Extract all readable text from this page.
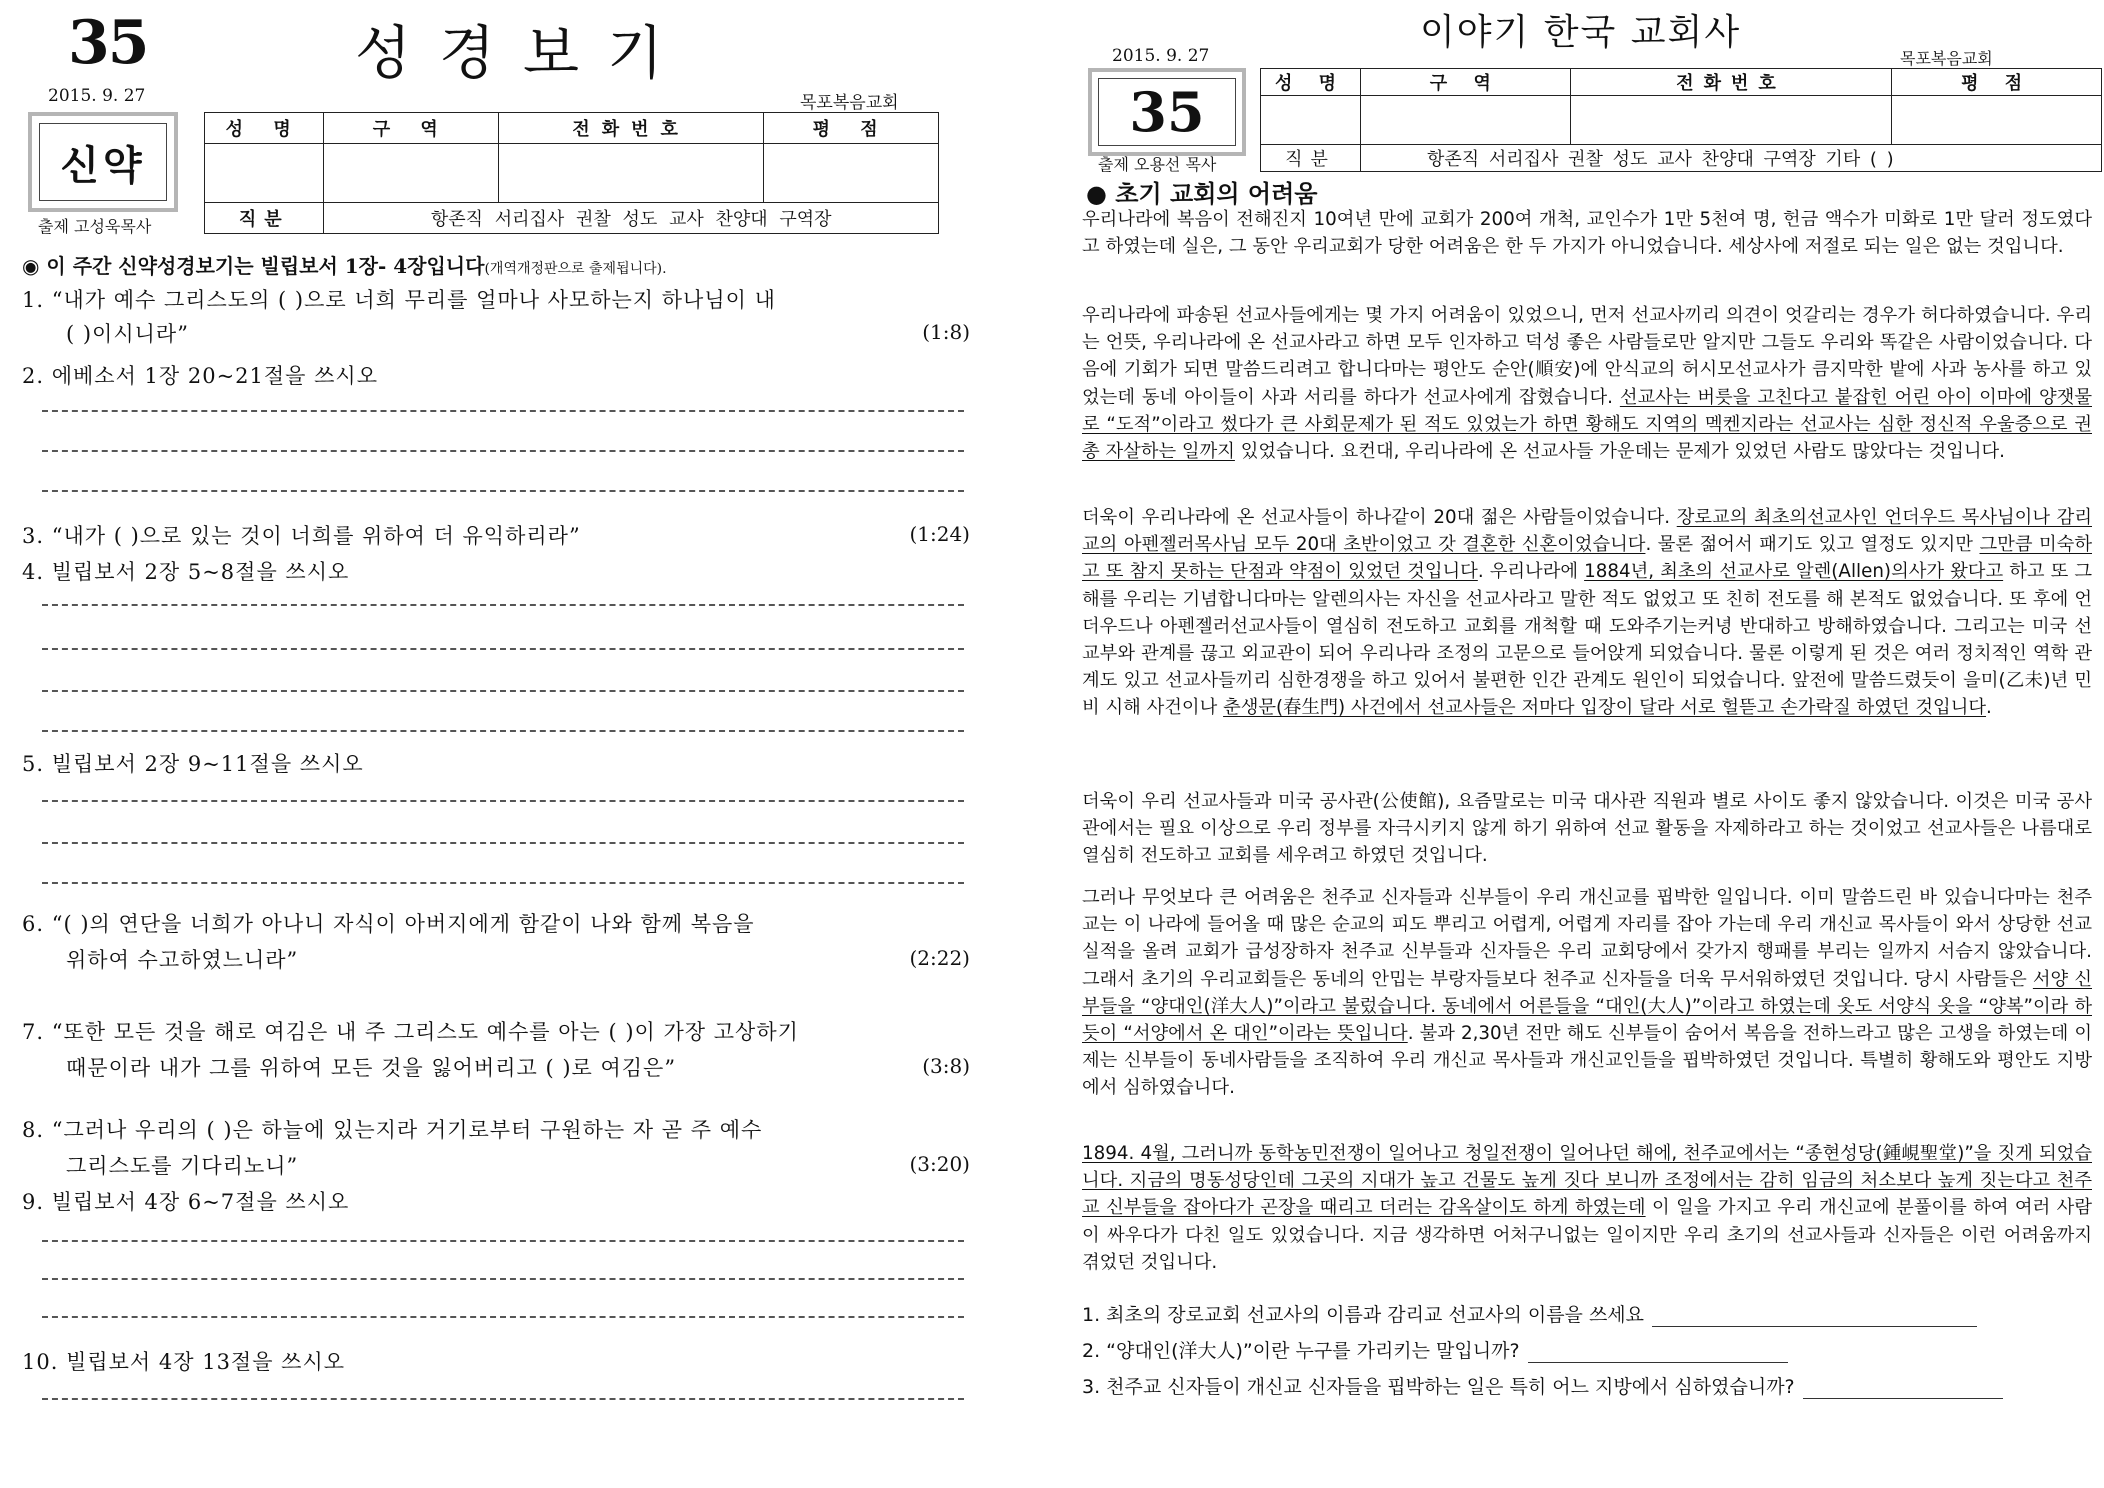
35	성경보기
2015. 9. 27	목포복음교회
신약
출제 고성욱목사
성 명	구 역	전화번호	평 점

직분	항존직 서리집사 권찰 성도 교사 찬양대 구역장		
◉ 이 주간 신약성경보기는 빌립보서 1장- 4장입니다(개역개정판으로 출제됩니다).
1. “내가 예수 그리스도의 ( )으로 너희 무리를 얼마나 사모하는지 하나님이 내
( )이시니라”	(1:8)
2. 에베소서 1장 20~21절을 쓰시오
3. “내가 ( )으로 있는 것이 너희를 위하여 더 유익하리라”	(1:24)
4. 빌립보서 2장 5~8절을 쓰시오
5. 빌립보서 2장 9~11절을 쓰시오
6. “( )의 연단을 너희가 아나니 자식이 아버지에게 함같이 나와 함께 복음을
위하여 수고하였느니라”	(2:22)
7. “또한 모든 것을 해로 여김은 내 주 그리스도 예수를 아는 ( )이 가장 고상하기
때문이라 내가 그를 위하여 모든 것을 잃어버리고 ( )로 여김은”	(3:8)
8. “그러나 우리의 ( )은 하늘에 있는지라 거기로부터 구원하는 자 곧 주 예수
그리스도를 기다리노니”	(3:20)
9. 빌립보서 4장 6~7절을 쓰시오
10. 빌립보서 4장 13절을 쓰시오
이야기 한국 교회사
2015. 9. 27	목포복음교회
35
출제 오용선 목사
성 명	구 역	전화번호	평 점

직분	항존직 서리집사 권찰 성도 교사 찬양대 구역장 기타 ( )		
● 초기 교회의 어려움
우리나라에 복음이 전해진지 10여년 만에 교회가 200여 개척, 교인수가 1만 5천여 명, 헌금 액수가 미화로 1만 달러 정도였다고 하였는데 실은, 그 동안 우리교회가 당한 어려움은 한 두 가지가 아니었습니다. 세상사에 저절로 되는 일은 없는 것입니다.
우리나라에 파송된 선교사들에게는 몇 가지 어려움이 있었으니, 먼저 선교사끼리 의견이 엇갈리는 경우가 허다하였습니다. 우리는 언뜻, 우리나라에 온 선교사라고 하면 모두 인자하고 덕성 좋은 사람들로만 알지만 그들도 우리와 똑같은 사람이었습니다. 다음에 기회가 되면 말씀드리려고 합니다마는 평안도 순안(順安)에 안식교의 허시모선교사가 큼지막한 밭에 사과 농사를 하고 있었는데 동네 아이들이 사과 서리를 하다가 선교사에게 잡혔습니다. 선교사는 버릇을 고친다고 붙잡힌 어린 아이 이마에 양잿물로 “도적”이라고 썼다가 큰 사회문제가 된 적도 있었는가 하면 황해도 지역의 멕켄지라는 선교사는 심한 정신적 우울증으로 권총 자살하는 일까지 있었습니다. 요컨대, 우리나라에 온 선교사들 가운데는 문제가 있었던 사람도 많았다는 것입니다.
더욱이 우리나라에 온 선교사들이 하나같이 20대 젊은 사람들이었습니다. 장로교의 최초의선교사인 언더우드 목사님이나 감리교의 아펜젤러목사님 모두 20대 초반이었고 갓 결혼한 신혼이었습니다. 물론 젊어서 패기도 있고 열정도 있지만 그만큼 미숙하고 또 참지 못하는 단점과 약점이 있었던 것입니다. 우리나라에 1884년, 최초의 선교사로 알렌(Allen)의사가 왔다고 하고 또 그 해를 우리는 기념합니다마는 알렌의사는 자신을 선교사라고 말한 적도 없었고 또 친히 전도를 해 본적도 없었습니다. 또 후에 언더우드나 아펜젤러선교사들이 열심히 전도하고 교회를 개척할 때 도와주기는커녕 반대하고 방해하였습니다. 그리고는 미국 선교부와 관계를 끊고 외교관이 되어 우리나라 조정의 고문으로 들어앉게 되었습니다. 물론 이렇게 된 것은 여러 정치적인 역학 관계도 있고 선교사들끼리 심한경쟁을 하고 있어서 불편한 인간 관계도 원인이 되었습니다. 앞전에 말씀드렸듯이 을미(乙未)년 민비 시해 사건이나 춘생문(春生門) 사건에서 선교사들은 저마다 입장이 달라 서로 헐뜯고 손가락질 하였던 것입니다.
더욱이 우리 선교사들과 미국 공사관(公使館), 요즘말로는 미국 대사관 직원과 별로 사이도 좋지 않았습니다. 이것은 미국 공사관에서는 필요 이상으로 우리 정부를 자극시키지 않게 하기 위하여 선교 활동을 자제하라고 하는 것이었고 선교사들은 나름대로 열심히 전도하고 교회를 세우려고 하였던 것입니다.
그러나 무엇보다 큰 어려움은 천주교 신자들과 신부들이 우리 개신교를 핍박한 일입니다. 이미 말씀드린 바 있습니다마는 천주교는 이 나라에 들어올 때 많은 순교의 피도 뿌리고 어렵게, 어렵게 자리를 잡아 가는데 우리 개신교 목사들이 와서 상당한 선교 실적을 올려 교회가 급성장하자 천주교 신부들과 신자들은 우리 교회당에서 갖가지 행패를 부리는 일까지 서슴지 않았습니다. 그래서 초기의 우리교회들은 동네의 안밉는 부랑자들보다 천주교 신자들을 더욱 무서워하였던 것입니다. 당시 사람들은 서양 신부들을 “양대인(洋大人)”이라고 불렀습니다. 동네에서 어른들을 “대인(大人)”이라고 하였는데 옷도 서양식 옷을 “양복”이라 하듯이 “서양에서 온 대인”이라는 뜻입니다. 불과 2,30년 전만 해도 신부들이 숨어서 복음을 전하느라고 많은 고생을 하였는데 이제는 신부들이 동네사람들을 조직하여 우리 개신교 목사들과 개신교인들을 핍박하였던 것입니다. 특별히 황해도와 평안도 지방에서 심하였습니다.
1894. 4월, 그러니까 동학농민전쟁이 일어나고 청일전쟁이 일어나던 해에, 천주교에서는 “종현성당(鍾峴聖堂)”을 짓게 되었습니다. 지금의 명동성당인데 그곳의 지대가 높고 건물도 높게 짓다 보니까 조정에서는 감히 임금의 처소보다 높게 짓는다고 천주교 신부들을 잡아다가 곤장을 때리고 더러는 감옥살이도 하게 하였는데 이 일을 가지고 우리 개신교에 분풀이를 하여 여러 사람이 싸우다가 다친 일도 있었습니다. 지금 생각하면 어처구니없는 일이지만 우리 초기의 선교사들과 신자들은 이런 어려움까지 겪었던 것입니다.
1. 최초의 장로교회 선교사의 이름과 감리교 선교사의 이름을 쓰세요
2. “양대인(洋大人)”이란 누구를 가리키는 말입니까?
3. 천주교 신자들이 개신교 신자들을 핍박하는 일은 특히 어느 지방에서 심하였습니까?
